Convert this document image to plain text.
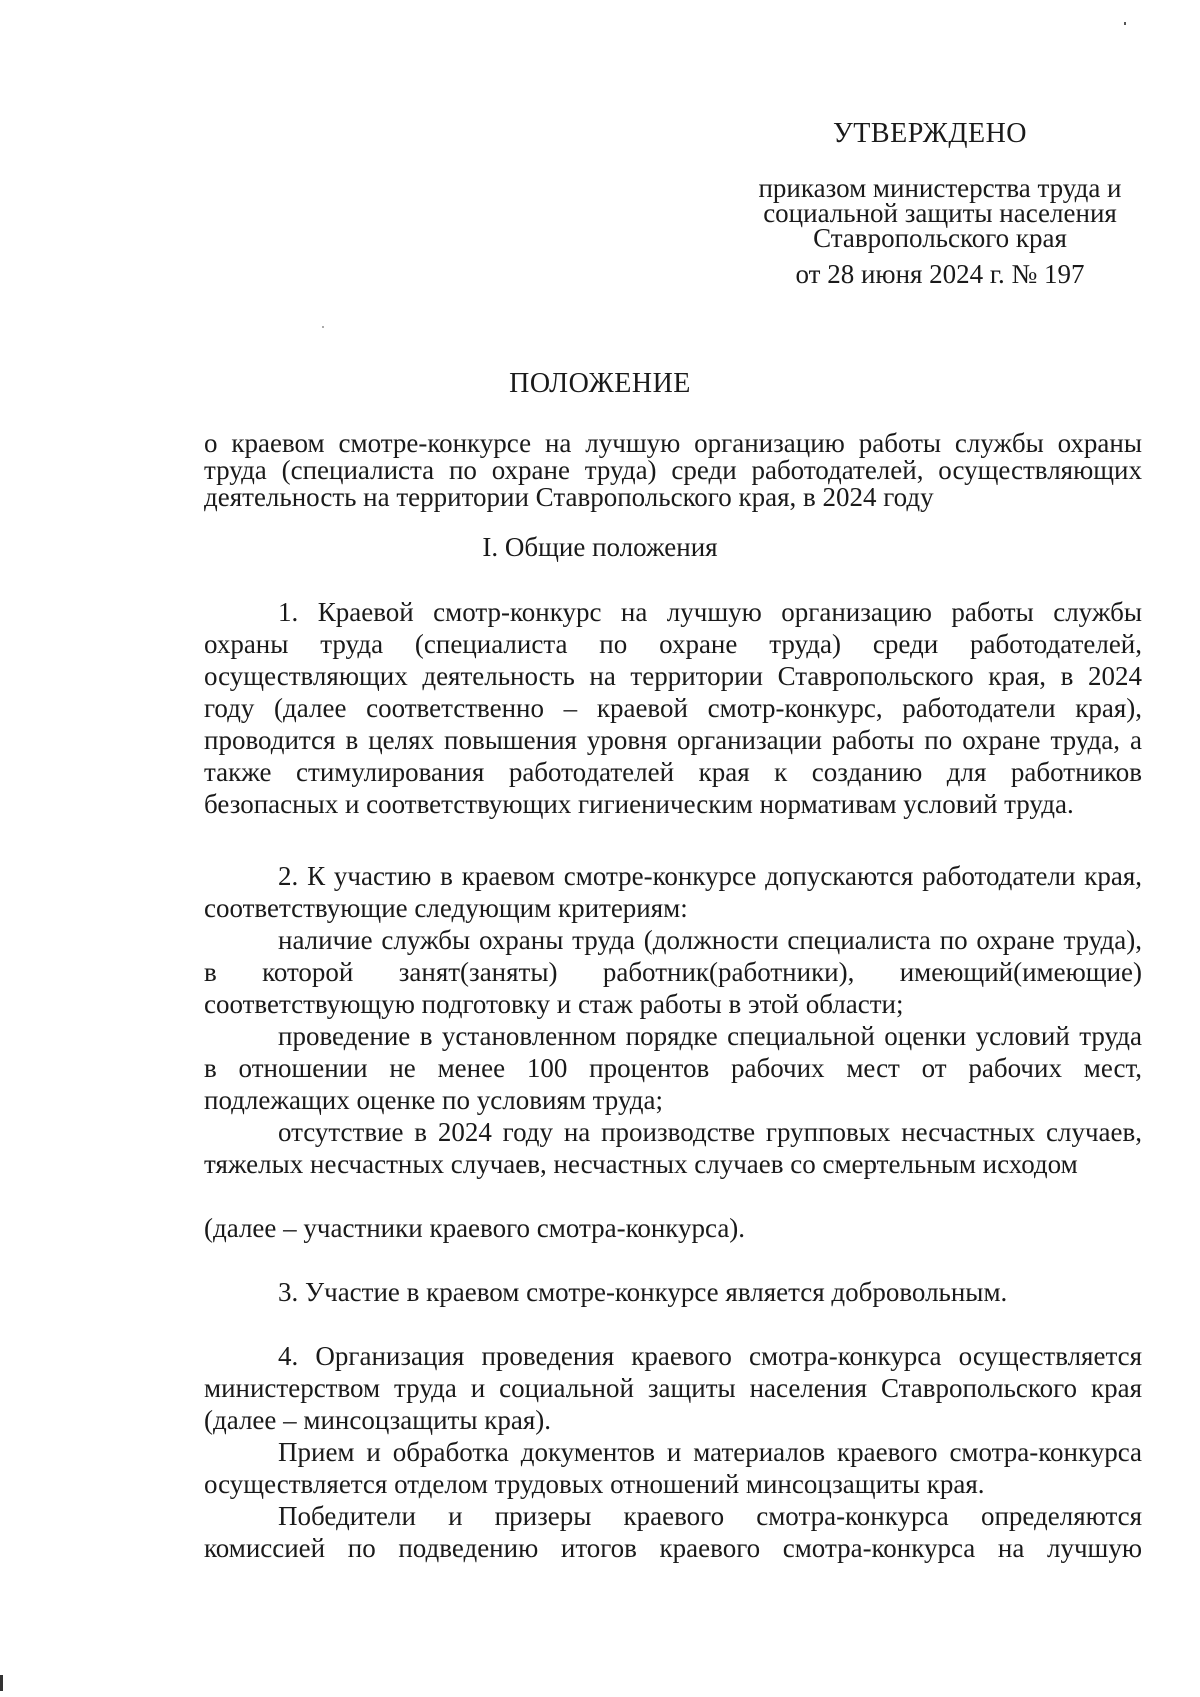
УТВЕРЖДЕНО
приказом министерства труда и
социальной защиты населения
Ставропольского края
от 28 июня 2024 г. № 197
ПОЛОЖЕНИЕ
о краевом смотре-конкурсе на лучшую организацию работы службы охраны труда (специалиста по охране труда) среди работодателей, осуществляющих деятельность на территории Ставропольского края, в 2024 году
I. Общие положения
1. Краевой смотр-конкурс на лучшую организацию работы службы охраны труда (специалиста по охране труда) среди работодателей, осуществляющих деятельность на территории Ставропольского края, в 2024 году (далее соответственно – краевой смотр-конкурс, работодатели края), проводится в целях повышения уровня организации работы по охране труда, а также стимулирования работодателей края к созданию для работников безопасных и соответствующих гигиеническим нормативам условий труда.
2. К участию в краевом смотре-конкурсе допускаются работодатели края, соответствующие следующим критериям:
наличие службы охраны труда (должности специалиста по охране труда), в которой занят(заняты) работник(работники), имеющий(имеющие) соответствующую подготовку и стаж работы в этой области;
проведение в установленном порядке специальной оценки условий труда в отношении не менее 100 процентов рабочих мест от рабочих мест, подлежащих оценке по условиям труда;
отсутствие в 2024 году на производстве групповых несчастных случаев, тяжелых несчастных случаев, несчастных случаев со смертельным исходом
(далее – участники краевого смотра-конкурса).
3. Участие в краевом смотре-конкурсе является добровольным.
4. Организация проведения краевого смотра-конкурса осуществляется министерством труда и социальной защиты населения Ставропольского края (далее – минсоцзащиты края).
Прием и обработка документов и материалов краевого смотра-конкурса осуществляется отделом трудовых отношений минсоцзащиты края.
Победители и призеры краевого смотра-конкурса определяются комиссией по подведению итогов краевого смотра-конкурса на лучшую
